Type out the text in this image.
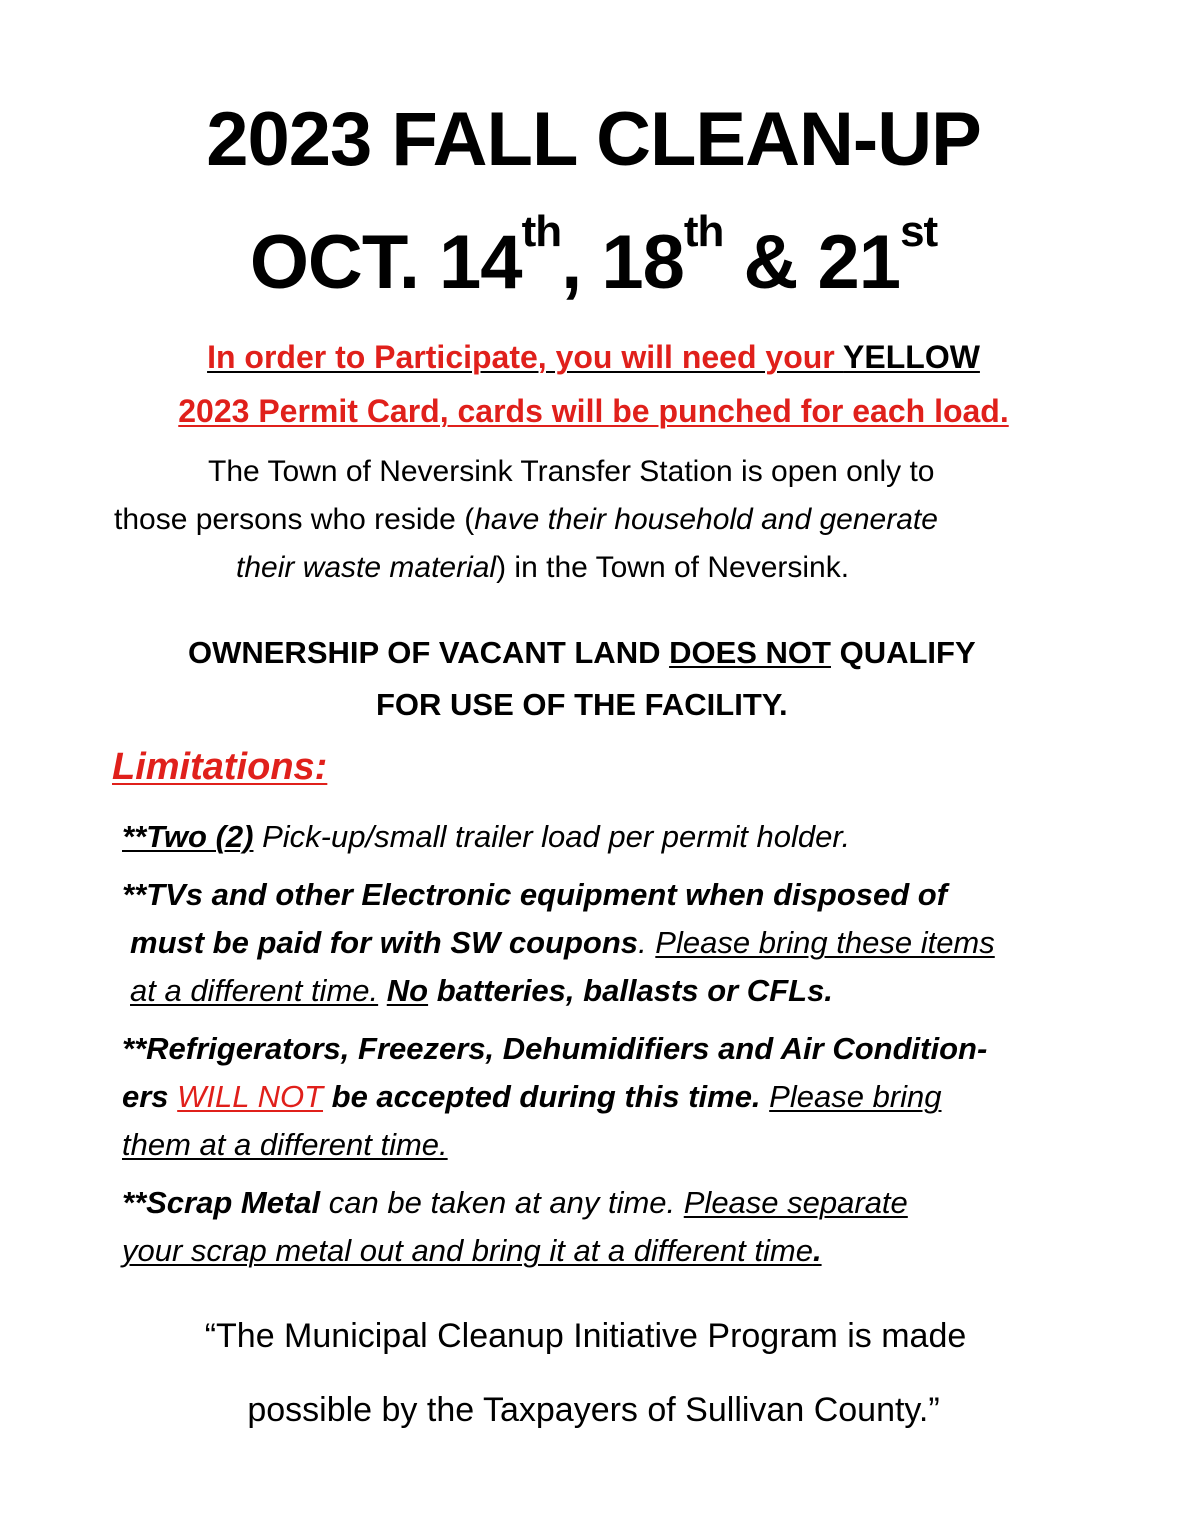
2023 FALL CLEAN-UP
OCT. 14th, 18th & 21st
In order to Participate, you will need your YELLOW
2023 Permit Card, cards will be punched for each load.
The Town of Neversink Transfer Station is open only to
those persons who reside (have their household and generate
their waste material) in the Town of Neversink.
OWNERSHIP OF VACANT LAND DOES NOT QUALIFY
FOR USE OF THE FACILITY.
Limitations:
**Two (2) Pick-up/small trailer load per permit holder.
**TVs and other Electronic equipment when disposed of
must be paid for with SW coupons. Please bring these items
at a different time. No batteries, ballasts or CFLs.
**Refrigerators, Freezers, Dehumidifiers and Air Condition-
ers WILL NOT be accepted during this time. Please bring
them at a different time.
**Scrap Metal can be taken at any time. Please separate
your scrap metal out and bring it at a different time.
“The Municipal Cleanup Initiative Program is made
possible by the Taxpayers of Sullivan County.”
